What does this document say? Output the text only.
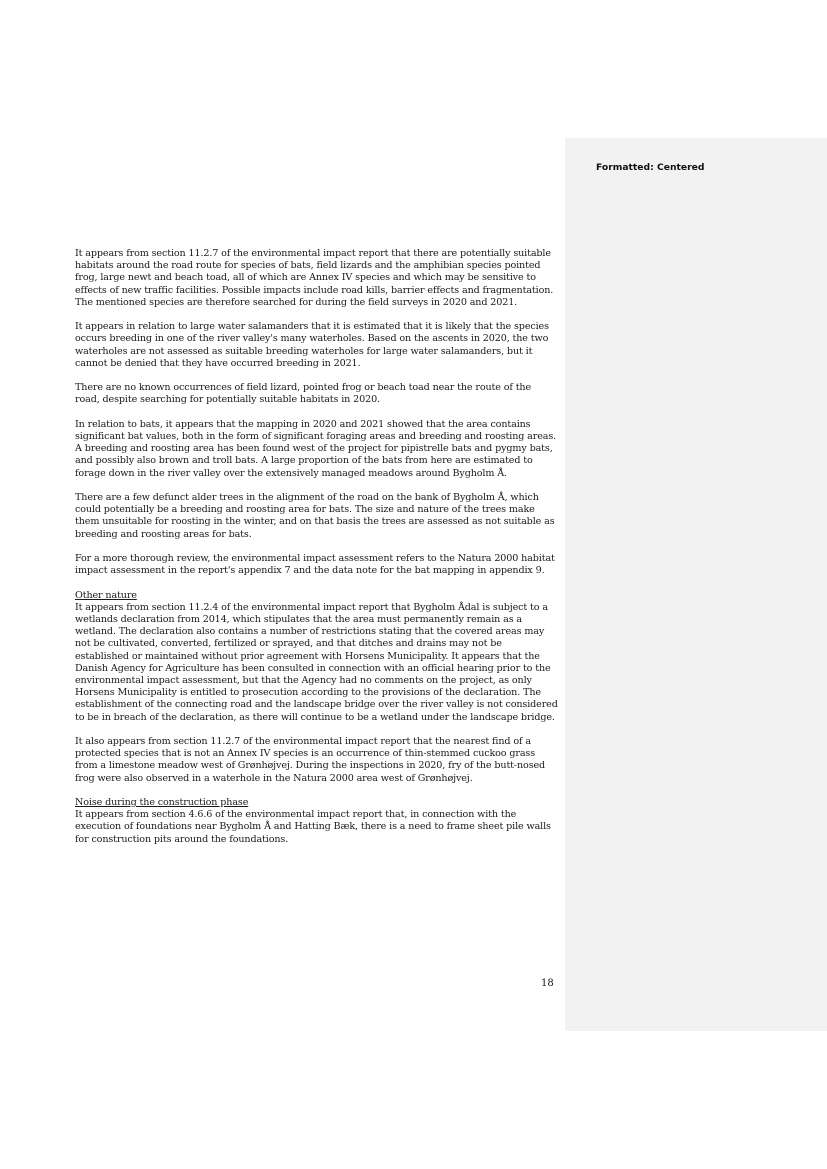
Formatted: Centered

It appears from section 11.2.7 of the environmental impact report that there are potentially suitable habitats around the road route for species of bats, field lizards and the amphibian species pointed frog, large newt and beach toad, all of which are Annex IV species and which may be sensitive to effects of new traffic facilities. Possible impacts include road kills, barrier effects and fragmentation. The mentioned species are therefore searched for during the field surveys in 2020 and 2021.

It appears in relation to large water salamanders that it is estimated that it is likely that the species occurs breeding in one of the river valley's many waterholes. Based on the ascents in 2020, the two waterholes are not assessed as suitable breeding waterholes for large water salamanders, but it cannot be denied that they have occurred breeding in 2021.

There are no known occurrences of field lizard, pointed frog or beach toad near the route of the road, despite searching for potentially suitable habitats in 2020.

In relation to bats, it appears that the mapping in 2020 and 2021 showed that the area contains significant bat values, both in the form of significant foraging areas and breeding and roosting areas. A breeding and roosting area has been found west of the project for pipistrelle bats and pygmy bats, and possibly also brown and troll bats. A large proportion of the bats from here are estimated to forage down in the river valley over the extensively managed meadows around Bygholm Å.

There are a few defunct alder trees in the alignment of the road on the bank of Bygholm Å, which could potentially be a breeding and roosting area for bats. The size and nature of the trees make them unsuitable for roosting in the winter, and on that basis the trees are assessed as not suitable as breeding and roosting areas for bats.

For a more thorough review, the environmental impact assessment refers to the Natura 2000 habitat impact assessment in the report's appendix 7 and the data note for the bat mapping in appendix 9.

Other nature

It appears from section 11.2.4 of the environmental impact report that Bygholm Ådal is subject to a wetlands declaration from 2014, which stipulates that the area must permanently remain as a wetland. The declaration also contains a number of restrictions stating that the covered areas may not be cultivated, converted, fertilized or sprayed, and that ditches and drains may not be established or maintained without prior agreement with Horsens Municipality. It appears that the Danish Agency for Agriculture has been consulted in connection with an official hearing prior to the environmental impact assessment, but that the Agency had no comments on the project, as only Horsens Municipality is entitled to prosecution according to the provisions of the declaration. The establishment of the connecting road and the landscape bridge over the river valley is not considered to be in breach of the declaration, as there will continue to be a wetland under the landscape bridge.

It also appears from section 11.2.7 of the environmental impact report that the nearest find of a protected species that is not an Annex IV species is an occurrence of thin-stemmed cuckoo grass from a limestone meadow west of Grønhøjvej. During the inspections in 2020, fry of the butt-nosed frog were also observed in a waterhole in the Natura 2000 area west of Grønhøjvej.

Noise during the construction phase

It appears from section 4.6.6 of the environmental impact report that, in connection with the execution of foundations near Bygholm Å and Hatting Bæk, there is a need to frame sheet pile walls for construction pits around the foundations.

18
